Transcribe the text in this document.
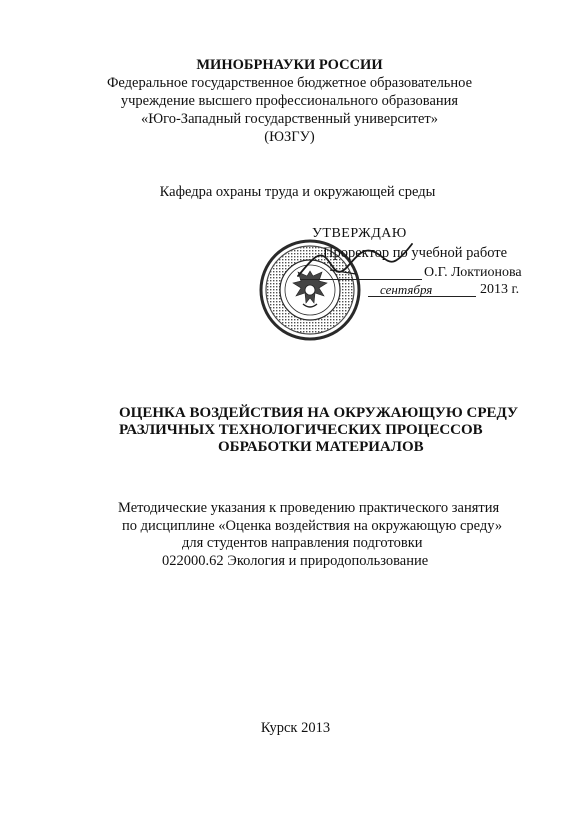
МИНОБРНАУКИ РОССИИ
Федеральное государственное бюджетное образовательное
учреждение высшего профессионального образования
«Юго-Западный государственный университет»
(ЮЗГУ)
Кафедра охраны труда и окружающей среды
УТВЕРЖДАЮ
Проректор по учебной работе
О.Г. Локтионова
сентября	2013 г.
ОЦЕНКА ВОЗДЕЙСТВИЯ НА ОКРУЖАЮЩУЮ СРЕДУ
РАЗЛИЧНЫХ ТЕХНОЛОГИЧЕСКИХ ПРОЦЕССОВ
ОБРАБОТКИ МАТЕРИАЛОВ
Методические указания к проведению практического занятия
по дисциплине «Оценка воздействия на окружающую среду»
для студентов направления подготовки
022000.62 Экология и природопользование
Курск 2013
